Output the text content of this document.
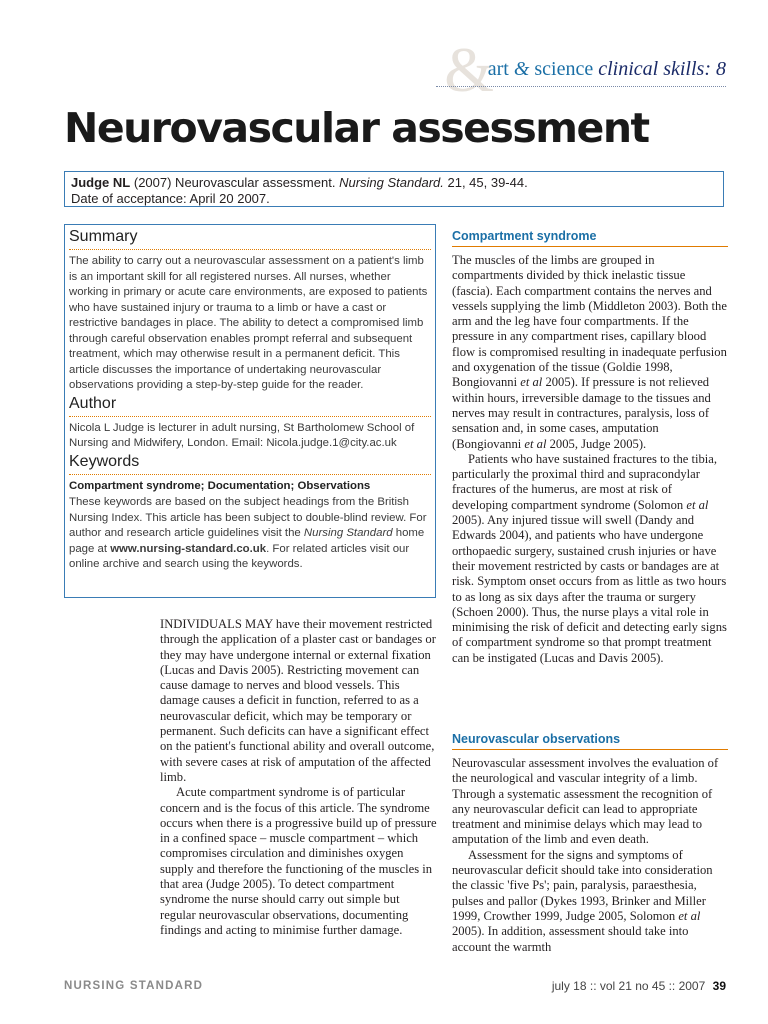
&
art & science clinical skills: 8
Neurovascular assessment
Judge NL (2007) Neurovascular assessment. Nursing Standard. 21, 45, 39-44.
Date of acceptance: April 20 2007.
Summary

The ability to carry out a neurovascular assessment on a patient's limb is an important skill for all registered nurses. All nurses, whether working in primary or acute care environments, are exposed to patients who have sustained injury or trauma to a limb or have a cast or restrictive bandages in place. The ability to detect a compromised limb through careful observation enables prompt referral and subsequent treatment, which may otherwise result in a permanent deficit. This article discusses the importance of undertaking neurovascular observations providing a step-by-step guide for the reader.

Author

Nicola L Judge is lecturer in adult nursing, St Bartholomew School of Nursing and Midwifery, London. Email: Nicola.judge.1@city.ac.uk

Keywords

Compartment syndrome; Documentation; Observations

These keywords are based on the subject headings from the British Nursing Index. This article has been subject to double-blind review. For author and research article guidelines visit the Nursing Standard home page at www.nursing-standard.co.uk. For related articles visit our online archive and search using the keywords.

INDIVIDUALS MAY have their movement restricted through the application of a plaster cast or bandages or they may have undergone internal or external fixation (Lucas and Davis 2005). Restricting movement can cause damage to nerves and blood vessels. This damage causes a deficit in function, referred to as a neurovascular deficit, which may be temporary or permanent. Such deficits can have a significant effect on the patient's functional ability and overall outcome, with severe cases at risk of amputation of the affected limb.

Acute compartment syndrome is of particular concern and is the focus of this article. The syndrome occurs when there is a progressive build up of pressure in a confined space – muscle compartment – which compromises circulation and diminishes oxygen supply and therefore the functioning of the muscles in that area (Judge 2005). To detect compartment syndrome the nurse should carry out simple but regular neurovascular observations, documenting findings and acting to minimise further damage.

Compartment syndrome

The muscles of the limbs are grouped in compartments divided by thick inelastic tissue (fascia). Each compartment contains the nerves and vessels supplying the limb (Middleton 2003). Both the arm and the leg have four compartments. If the pressure in any compartment rises, capillary blood flow is compromised resulting in inadequate perfusion and oxygenation of the tissue (Goldie 1998, Bongiovanni et al 2005). If pressure is not relieved within hours, irreversible damage to the tissues and nerves may result in contractures, paralysis, loss of sensation and, in some cases, amputation (Bongiovanni et al 2005, Judge 2005).

Patients who have sustained fractures to the tibia, particularly the proximal third and supracondylar fractures of the humerus, are most at risk of developing compartment syndrome (Solomon et al 2005). Any injured tissue will swell (Dandy and Edwards 2004), and patients who have undergone orthopaedic surgery, sustained crush injuries or have their movement restricted by casts or bandages are at risk. Symptom onset occurs from as little as two hours to as long as six days after the trauma or surgery (Schoen 2000). Thus, the nurse plays a vital role in minimising the risk of deficit and detecting early signs of compartment syndrome so that prompt treatment can be instigated (Lucas and Davis 2005).

Neurovascular observations

Neurovascular assessment involves the evaluation of the neurological and vascular integrity of a limb. Through a systematic assessment the recognition of any neurovascular deficit can lead to appropriate treatment and minimise delays which may lead to amputation of the limb and even death.

Assessment for the signs and symptoms of neurovascular deficit should take into consideration the classic 'five Ps'; pain, paralysis, paraesthesia, pulses and pallor (Dykes 1993, Brinker and Miller 1999, Crowther 1999, Judge 2005, Solomon et al 2005). In addition, assessment should take into account the warmth

NURSING STANDARD	july 18 :: vol 21 no 45 :: 2007 39
